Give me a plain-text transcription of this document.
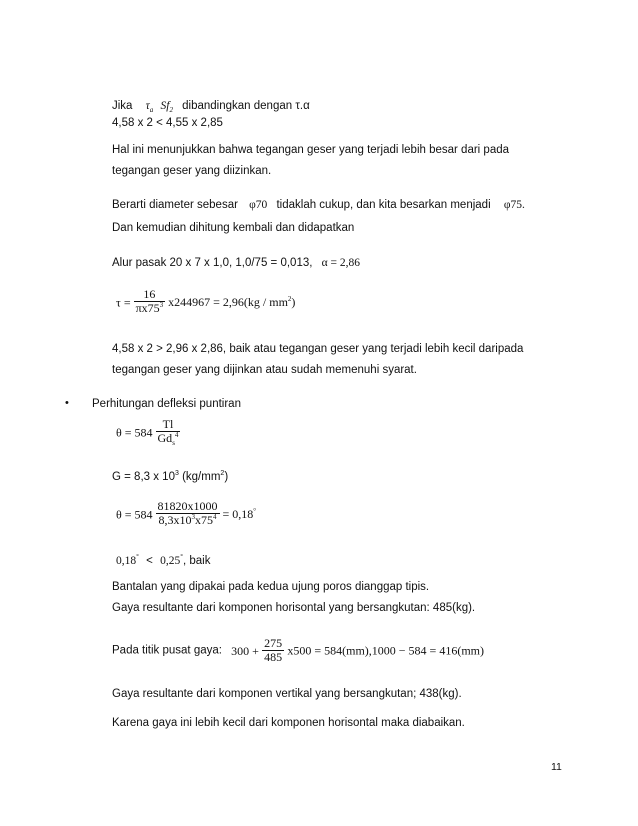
Jika $\tau_a$ $Sf_2$ dibandingkan dengan τ.α
4,58 x 2 < 4,55 x 2,85
Hal ini menunjukkan bahwa tegangan geser yang terjadi lebih besar dari pada
tegangan geser yang diizinkan.
Berarti diameter sebesar φ70 tidaklah cukup, dan kita besarkan menjadi φ75.
Dan kemudian dihitung kembali dan didapatkan
Alur pasak 20 x 7 x 1,0, 1,0/75 = 0,013, α = 2,86
$\tau = \frac{16}{\pi x75^3} x244967 = 2,96(kg / mm^2)$
4,58 x 2 > 2,96 x 2,86, baik atau tegangan geser yang terjadi lebih kecil daripada
tegangan geser yang dijinkan atau sudah memenuhi syarat.
• Perhitungan defleksi puntiran
$\theta = 584 \frac{Tl}{Gd_s^4}$
G = 8,3 x $10^3$ $(kg/mm^2)$
$\theta = 584 \frac{81820x1000}{8,3x10^3x75^4} = 0,18^\circ$
0,18° < 0,25°, baik
Bantalan yang dipakai pada kedua ujung poros dianggap tipis.
Gaya resultante dari komponen horisontal yang bersangkutan: 485(kg).
Pada titik pusat gaya: $300 + \frac{275}{485} x500 = 584(mm),1000 - 584 = 416(mm)$
Gaya resultante dari komponen vertikal yang bersangkutan; 438(kg).
Karena gaya ini lebih kecil dari komponen horisontal maka diabaikan.
11
